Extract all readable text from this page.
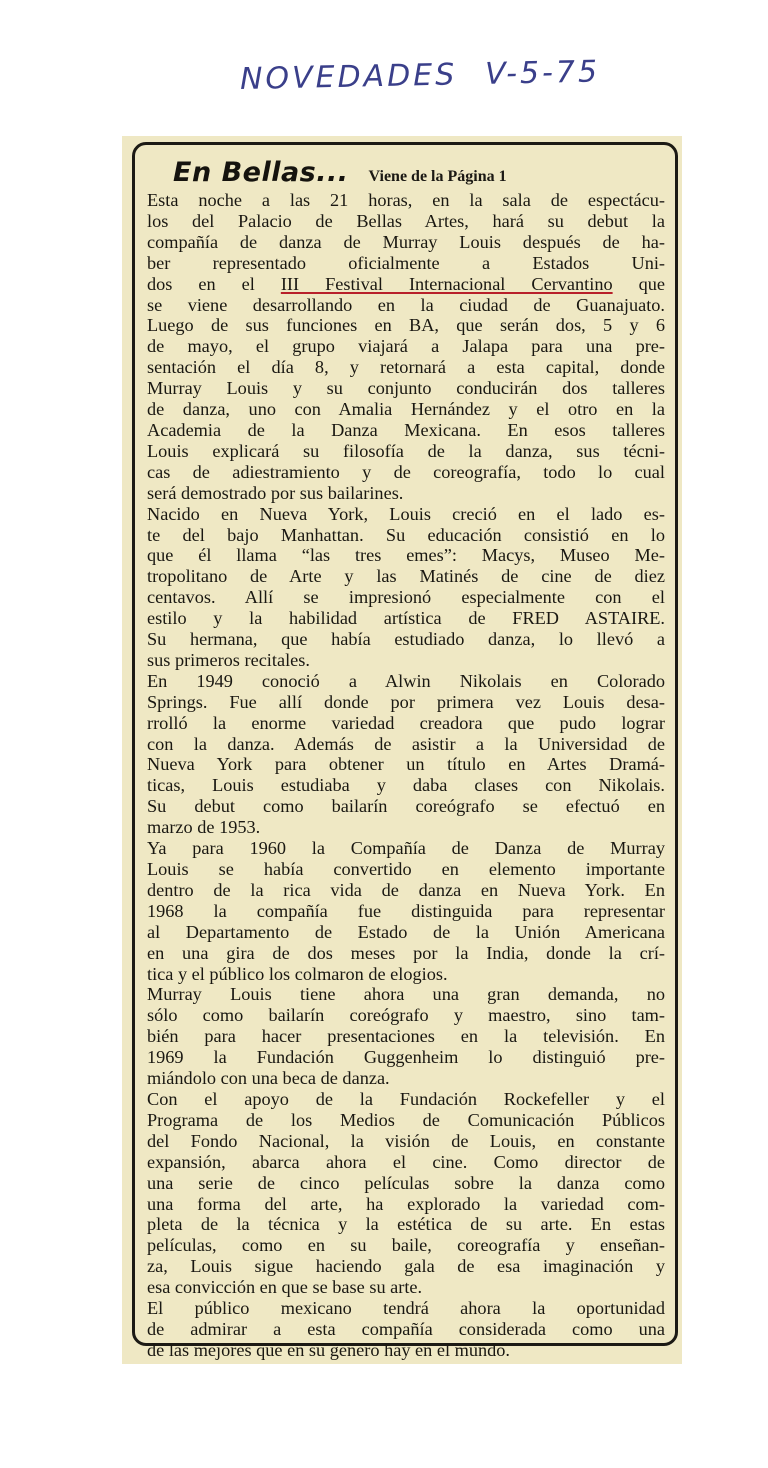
NOVEDADES V-5-75
En Bellas... Viene de la Página 1
Esta noche a las 21 horas, en la sala de espectácu-
los del Palacio de Bellas Artes, hará su debut la
compañía de danza de Murray Louis después de ha-
ber representado oficialmente a Estados Uni-
dos en el III Festival Internacional Cervantino que
se viene desarrollando en la ciudad de Guanajuato.
Luego de sus funciones en BA, que serán dos, 5 y 6
de mayo, el grupo viajará a Jalapa para una pre-
sentación el día 8, y retornará a esta capital, donde
Murray Louis y su conjunto conducirán dos talleres
de danza, uno con Amalia Hernández y el otro en la
Academia de la Danza Mexicana. En esos talleres
Louis explicará su filosofía de la danza, sus técni-
cas de adiestramiento y de coreografía, todo lo cual
será demostrado por sus bailarines.
Nacido en Nueva York, Louis creció en el lado es-
te del bajo Manhattan. Su educación consistió en lo
que él llama “las tres emes”: Macys, Museo Me-
tropolitano de Arte y las Matinés de cine de diez
centavos. Allí se impresionó especialmente con el
estilo y la habilidad artística de FRED ASTAIRE.
Su hermana, que había estudiado danza, lo llevó a
sus primeros recitales.
En 1949 conoció a Alwin Nikolais en Colorado
Springs. Fue allí donde por primera vez Louis desa-
rrolló la enorme variedad creadora que pudo lograr
con la danza. Además de asistir a la Universidad de
Nueva York para obtener un título en Artes Dramá-
ticas, Louis estudiaba y daba clases con Nikolais.
Su debut como bailarín coreógrafo se efectuó en
marzo de 1953.
Ya para 1960 la Compañía de Danza de Murray
Louis se había convertido en elemento importante
dentro de la rica vida de danza en Nueva York. En
1968 la compañía fue distinguida para representar
al Departamento de Estado de la Unión Americana
en una gira de dos meses por la India, donde la crí-
tica y el público los colmaron de elogios.
Murray Louis tiene ahora una gran demanda, no
sólo como bailarín coreógrafo y maestro, sino tam-
bién para hacer presentaciones en la televisión. En
1969 la Fundación Guggenheim lo distinguió pre-
miándolo con una beca de danza.
Con el apoyo de la Fundación Rockefeller y el
Programa de los Medios de Comunicación Públicos
del Fondo Nacional, la visión de Louis, en constante
expansión, abarca ahora el cine. Como director de
una serie de cinco películas sobre la danza como
una forma del arte, ha explorado la variedad com-
pleta de la técnica y la estética de su arte. En estas
películas, como en su baile, coreografía y enseñan-
za, Louis sigue haciendo gala de esa imaginación y
esa convicción en que se base su arte.
El público mexicano tendrá ahora la oportunidad
de admirar a esta compañía considerada como una
de las mejores que en su género hay en el mundo.
